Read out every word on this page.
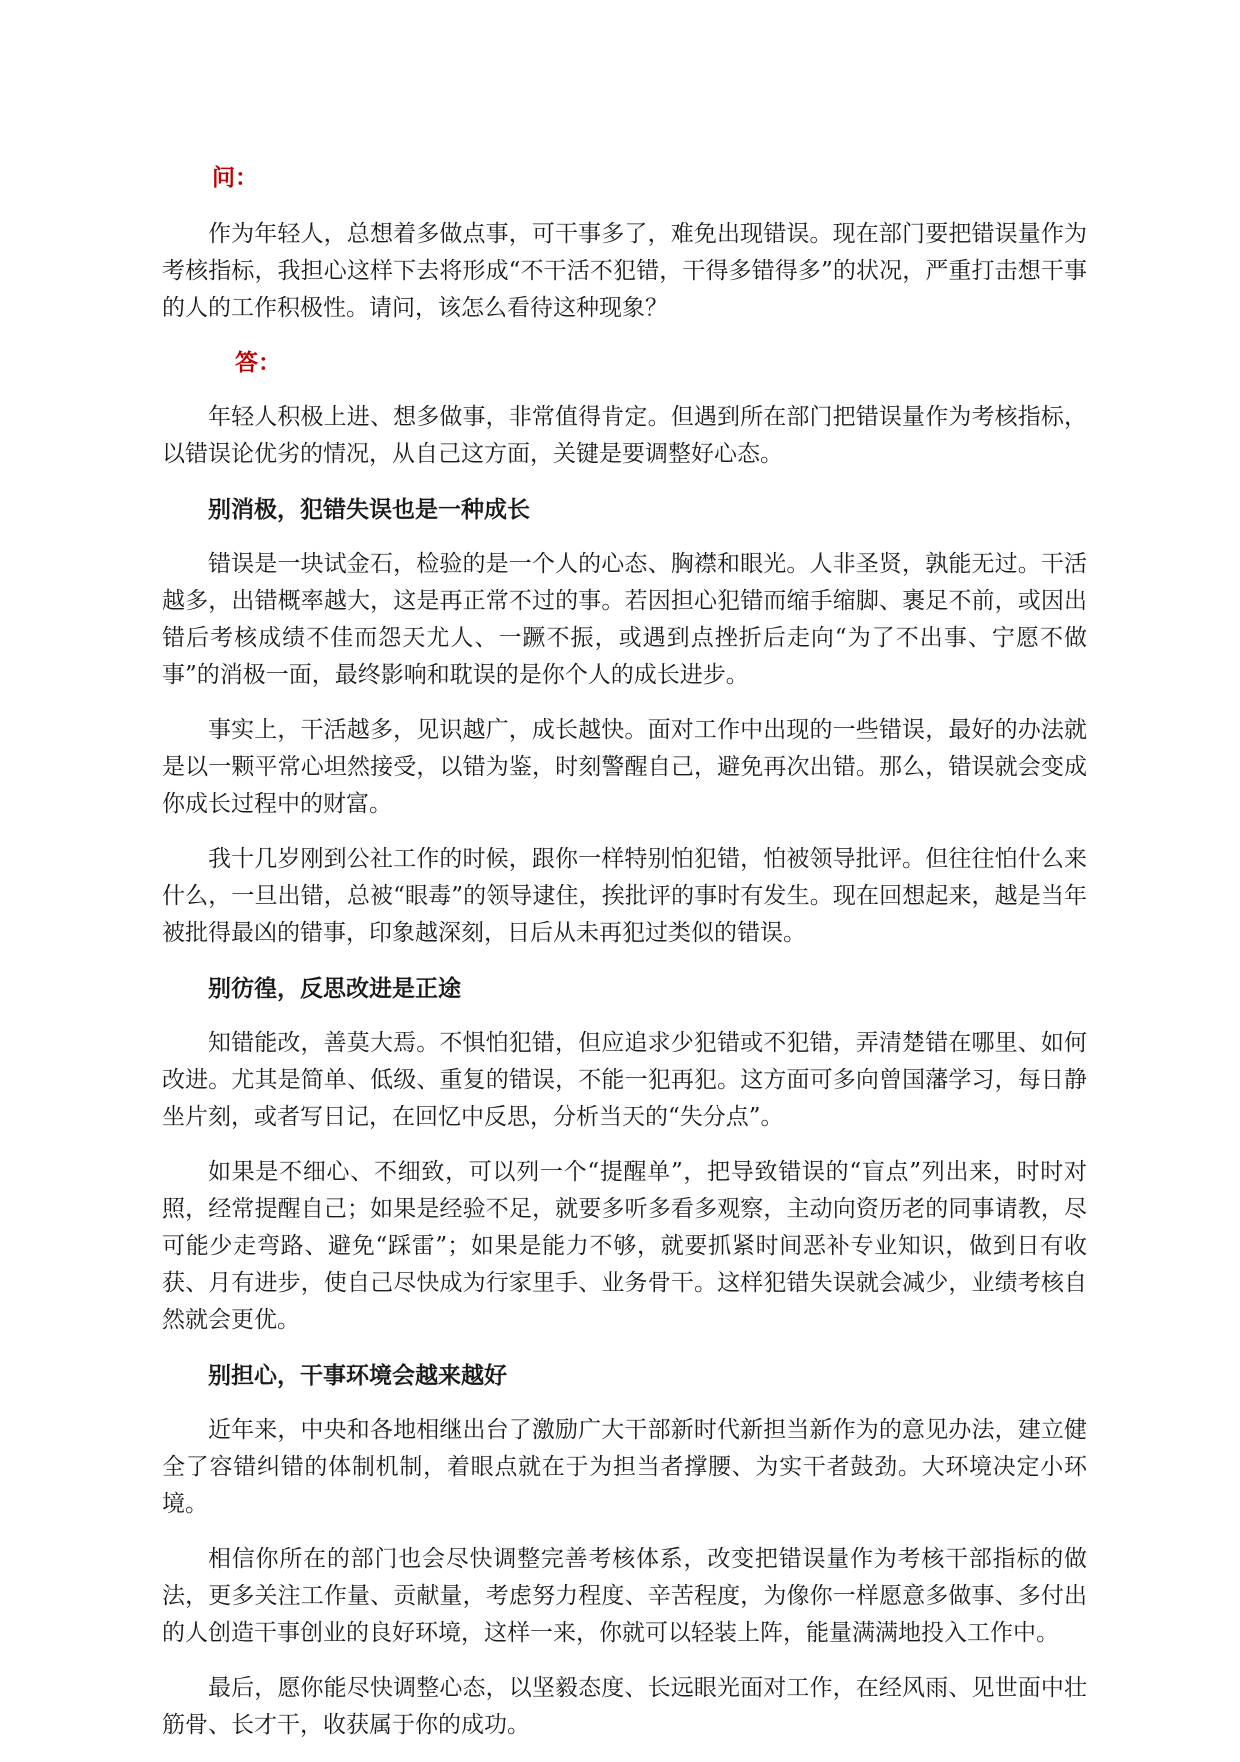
问：

作为年轻人，总想着多做点事，可干事多了，难免出现错误。现在部门要把错误量作为考核指标，我担心这样下去将形成“不干活不犯错，干得多错得多”的状况，严重打击想干事的人的工作积极性。请问，该怎么看待这种现象？

答：

年轻人积极上进、想多做事，非常值得肯定。但遇到所在部门把错误量作为考核指标，以错误论优劣的情况，从自己这方面，关键是要调整好心态。

别消极，犯错失误也是一种成长

错误是一块试金石，检验的是一个人的心态、胸襟和眼光。人非圣贤，孰能无过。干活越多，出错概率越大，这是再正常不过的事。若因担心犯错而缩手缩脚、裹足不前，或因出错后考核成绩不佳而怨天尤人、一蹶不振，或遇到点挫折后走向“为了不出事、宁愿不做事”的消极一面，最终影响和耽误的是你个人的成长进步。

事实上，干活越多，见识越广，成长越快。面对工作中出现的一些错误，最好的办法就是以一颗平常心坦然接受，以错为鉴，时刻警醒自己，避免再次出错。那么，错误就会变成你成长过程中的财富。

我十几岁刚到公社工作的时候，跟你一样特别怕犯错，怕被领导批评。但往往怕什么来什么，一旦出错，总被“眼毒”的领导逮住，挨批评的事时有发生。现在回想起来，越是当年被批得最凶的错事，印象越深刻，日后从未再犯过类似的错误。

别彷徨，反思改进是正途

知错能改，善莫大焉。不惧怕犯错，但应追求少犯错或不犯错，弄清楚错在哪里、如何改进。尤其是简单、低级、重复的错误，不能一犯再犯。这方面可多向曾国藩学习，每日静坐片刻，或者写日记，在回忆中反思，分析当天的“失分点”。

如果是不细心、不细致，可以列一个“提醒单”，把导致错误的“盲点”列出来，时时对照，经常提醒自己；如果是经验不足，就要多听多看多观察，主动向资历老的同事请教，尽可能少走弯路、避免“踩雷”；如果是能力不够，就要抓紧时间恶补专业知识，做到日有收获、月有进步，使自己尽快成为行家里手、业务骨干。这样犯错失误就会减少，业绩考核自然就会更优。

别担心，干事环境会越来越好

近年来，中央和各地相继出台了激励广大干部新时代新担当新作为的意见办法，建立健全了容错纠错的体制机制，着眼点就在于为担当者撑腰、为实干者鼓劲。大环境决定小环境。

相信你所在的部门也会尽快调整完善考核体系，改变把错误量作为考核干部指标的做法，更多关注工作量、贡献量，考虑努力程度、辛苦程度，为像你一样愿意多做事、多付出的人创造干事创业的良好环境，这样一来，你就可以轻装上阵，能量满满地投入工作中。

最后，愿你能尽快调整心态，以坚毅态度、长远眼光面对工作，在经风雨、见世面中壮筋骨、长才干，收获属于你的成功。
